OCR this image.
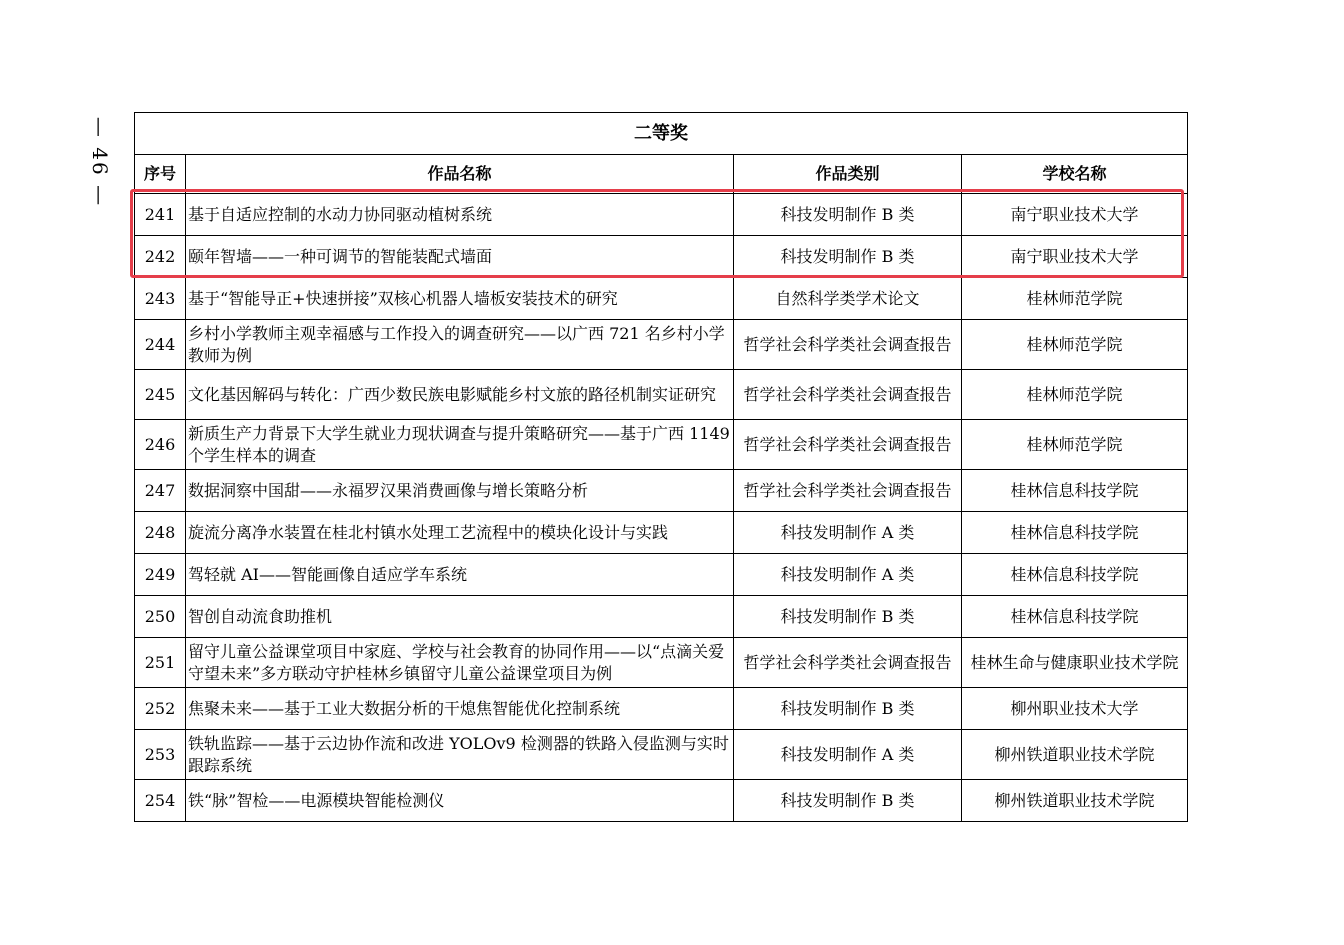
— 46 —	二等奖			
序号	作品名称	作品类别	学校名称
241	基于自适应控制的水动力协同驱动植树系统	科技发明制作 B 类	南宁职业技术大学
242	颐年智墙——一种可调节的智能装配式墙面	科技发明制作 B 类	南宁职业技术大学
243	基于“智能导正+快速拼接”双核心机器人墙板安装技术的研究	自然科学类学术论文	桂林师范学院
244	乡村小学教师主观幸福感与工作投入的调查研究——以广西 721 名乡村小学教师为例	哲学社会科学类社会调查报告	桂林师范学院
245	文化基因解码与转化：广西少数民族电影赋能乡村文旅的路径机制实证研究	哲学社会科学类社会调查报告	桂林师范学院
246	新质生产力背景下大学生就业力现状调查与提升策略研究——基于广西 1149 个学生样本的调查	哲学社会科学类社会调查报告	桂林师范学院
247	数据洞察中国甜——永福罗汉果消费画像与增长策略分析	哲学社会科学类社会调查报告	桂林信息科技学院
248	旋流分离净水装置在桂北村镇水处理工艺流程中的模块化设计与实践	科技发明制作 A 类	桂林信息科技学院
249	驾轻就 AI——智能画像自适应学车系统	科技发明制作 A 类	桂林信息科技学院
250	智创自动流食助推机	科技发明制作 B 类	桂林信息科技学院
251	留守儿童公益课堂项目中家庭、学校与社会教育的协同作用——以“点滴关爱守望未来”多方联动守护桂林乡镇留守儿童公益课堂项目为例	哲学社会科学类社会调查报告	桂林生命与健康职业技术学院
252	焦聚未来——基于工业大数据分析的干熄焦智能优化控制系统	科技发明制作 B 类	柳州职业技术大学
253	铁轨监踪——基于云边协作流和改进 YOLOv9 检测器的铁路入侵监测与实时跟踪系统	科技发明制作 A 类	柳州铁道职业技术学院
254	铁“脉”智检——电源模块智能检测仪	科技发明制作 B 类	柳州铁道职业技术学院
